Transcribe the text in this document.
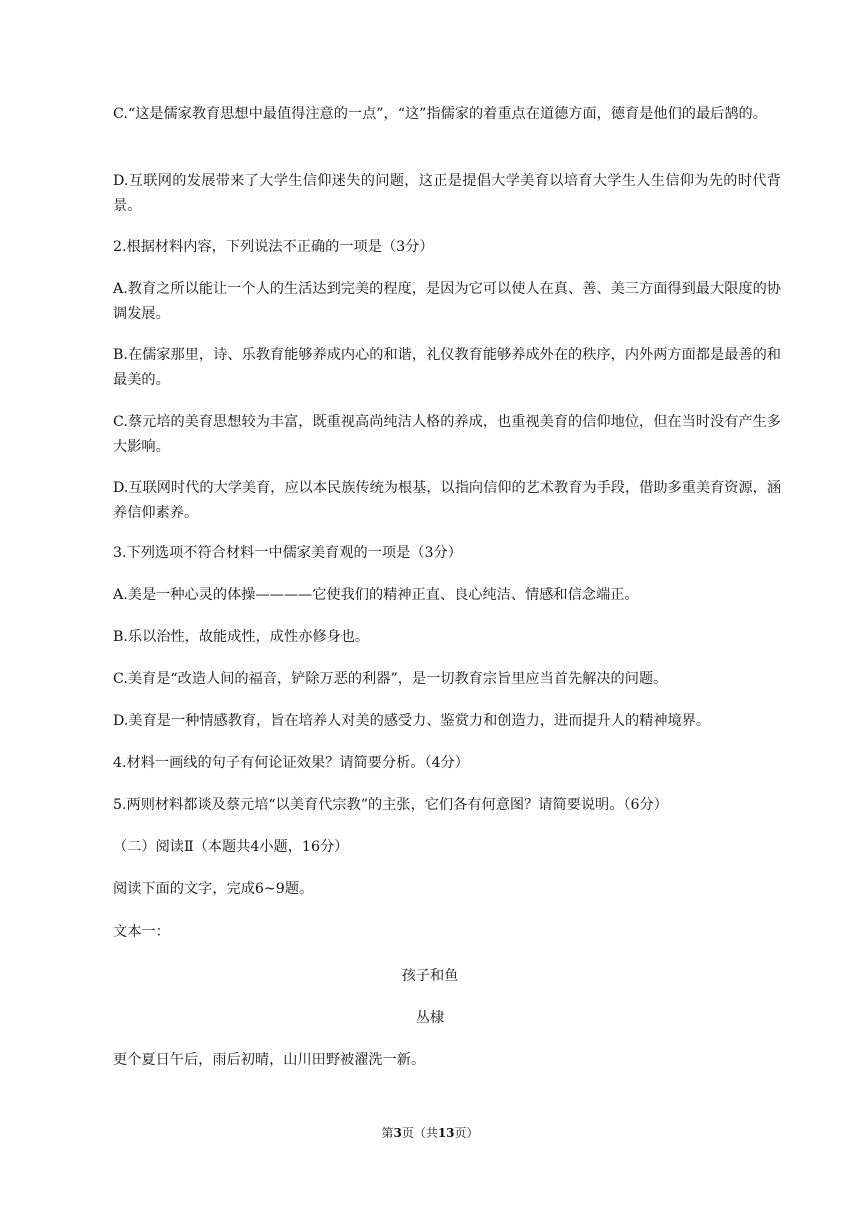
C.“这是儒家教育思想中最值得注意的一点”，“这”指儒家的着重点在道德方面，德育是他们的最后鹄的。

D.互联网的发展带来了大学生信仰迷失的问题，这正是提倡大学美育以培育大学生人生信仰为先的时代背景。

2.根据材料内容，下列说法不正确的一项是（3分）

A.教育之所以能让一个人的生活达到完美的程度，是因为它可以使人在真、善、美三方面得到最大限度的协调发展。

B.在儒家那里，诗、乐教育能够养成内心的和谐，礼仪教育能够养成外在的秩序，内外两方面都是最善的和最美的。

C.蔡元培的美育思想较为丰富，既重视高尚纯洁人格的养成，也重视美育的信仰地位，但在当时没有产生多大影响。

D.互联网时代的大学美育，应以本民族传统为根基，以指向信仰的艺术教育为手段，借助多重美育资源，涵养信仰素养。

3.下列选项不符合材料一中儒家美育观的一项是（3分）

A.美是一种心灵的体操————它使我们的精神正直、良心纯洁、情感和信念端正。

B.乐以治性，故能成性，成性亦修身也。

C.美育是“改造人间的福音，铲除万恶的利器”，是一切教育宗旨里应当首先解决的问题。

D.美育是一种情感教育，旨在培养人对美的感受力、鉴赏力和创造力，进而提升人的精神境界。

4.材料一画线的句子有何论证效果？请简要分析。（4分）

5.两则材料都谈及蔡元培“以美育代宗教”的主张，它们各有何意图？请简要说明。（6分）

（二）阅读Ⅱ（本题共4小题，16分）

阅读下面的文字，完成6~9题。

文本一：

孩子和鱼

丛棣

更个夏日午后，雨后初晴，山川田野被濯洗一新。

第3页（共13页）
